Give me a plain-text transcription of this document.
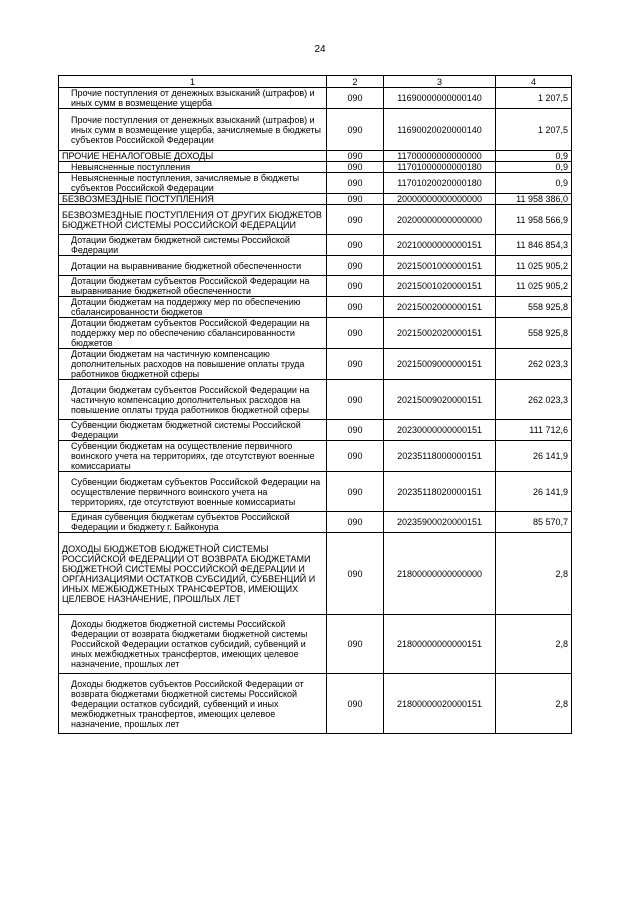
24
1	2	3	4
Прочие поступления от денежных взысканий (штрафов) и иных сумм в возмещение ущерба	090	11690000000000140	1 207,5
Прочие поступления от денежных взысканий (штрафов) и иных сумм в возмещение ущерба, зачисляемые в бюджеты субъектов Российской Федерации	090	11690020020000140	1 207,5
ПРОЧИЕ НЕНАЛОГОВЫЕ ДОХОДЫ	090	11700000000000000	0,9
Невыясненные поступления	090	11701000000000180	0,9
Невыясненные поступления, зачисляемые в бюджеты субъектов Российской Федерации	090	11701020020000180	0,9
БЕЗВОЗМЕЗДНЫЕ ПОСТУПЛЕНИЯ	090	20000000000000000	11 958 386,0
БЕЗВОЗМЕЗДНЫЕ ПОСТУПЛЕНИЯ ОТ ДРУГИХ БЮДЖЕТОВ БЮДЖЕТНОЙ СИСТЕМЫ РОССИЙСКОЙ ФЕДЕРАЦИИ	090	20200000000000000	11 958 566,9
Дотации бюджетам бюджетной системы Российской Федерации	090	20210000000000151	11 846 854,3
Дотации на выравнивание бюджетной обеспеченности	090	20215001000000151	11 025 905,2
Дотации бюджетам субъектов Российской Федерации на выравнивание бюджетной обеспеченности	090	20215001020000151	11 025 905,2
Дотации бюджетам на поддержку мер по обеспечению сбалансированности бюджетов	090	20215002000000151	558 925,8
Дотации бюджетам субъектов Российской Федерации на поддержку мер по обеспечению сбалансированности бюджетов	090	20215002020000151	558 925,8
Дотации бюджетам на частичную компенсацию дополнительных расходов на повышение оплаты труда работников бюджетной сферы	090	20215009000000151	262 023,3
Дотации бюджетам субъектов Российской Федерации на частичную компенсацию дополнительных расходов на повышение оплаты труда работников бюджетной сферы	090	20215009020000151	262 023,3
Субвенции бюджетам бюджетной системы Российской Федерации	090	20230000000000151	111 712,6
Субвенции бюджетам на осуществление первичного воинского учета на территориях, где отсутствуют военные комиссариаты	090	20235118000000151	26 141,9
Субвенции бюджетам субъектов Российской Федерации на осуществление первичного воинского учета на территориях, где отсутствуют военные комиссариаты	090	20235118020000151	26 141,9
Единая субвенция бюджетам субъектов Российской Федерации и бюджету г. Байконура	090	20235900020000151	85 570,7
ДОХОДЫ БЮДЖЕТОВ БЮДЖЕТНОЙ СИСТЕМЫ РОССИЙСКОЙ ФЕДЕРАЦИИ ОТ ВОЗВРАТА БЮДЖЕТАМИ БЮДЖЕТНОЙ СИСТЕМЫ РОССИЙСКОЙ ФЕДЕРАЦИИ И ОРГАНИЗАЦИЯМИ ОСТАТКОВ СУБСИДИЙ, СУБВЕНЦИЙ И ИНЫХ МЕЖБЮДЖЕТНЫХ ТРАНСФЕРТОВ, ИМЕЮЩИХ ЦЕЛЕВОЕ НАЗНАЧЕНИЕ, ПРОШЛЫХ ЛЕТ	090	21800000000000000	2,8
Доходы бюджетов бюджетной системы Российской Федерации от возврата бюджетами бюджетной системы Российской Федерации остатков субсидий, субвенций и иных межбюджетных трансфертов, имеющих целевое назначение, прошлых лет	090	21800000000000151	2,8
Доходы бюджетов субъектов Российской Федерации от возврата бюджетами бюджетной системы Российской Федерации остатков субсидий, субвенций и иных межбюджетных трансфертов, имеющих целевое назначение, прошлых лет	090	21800000020000151	2,8
